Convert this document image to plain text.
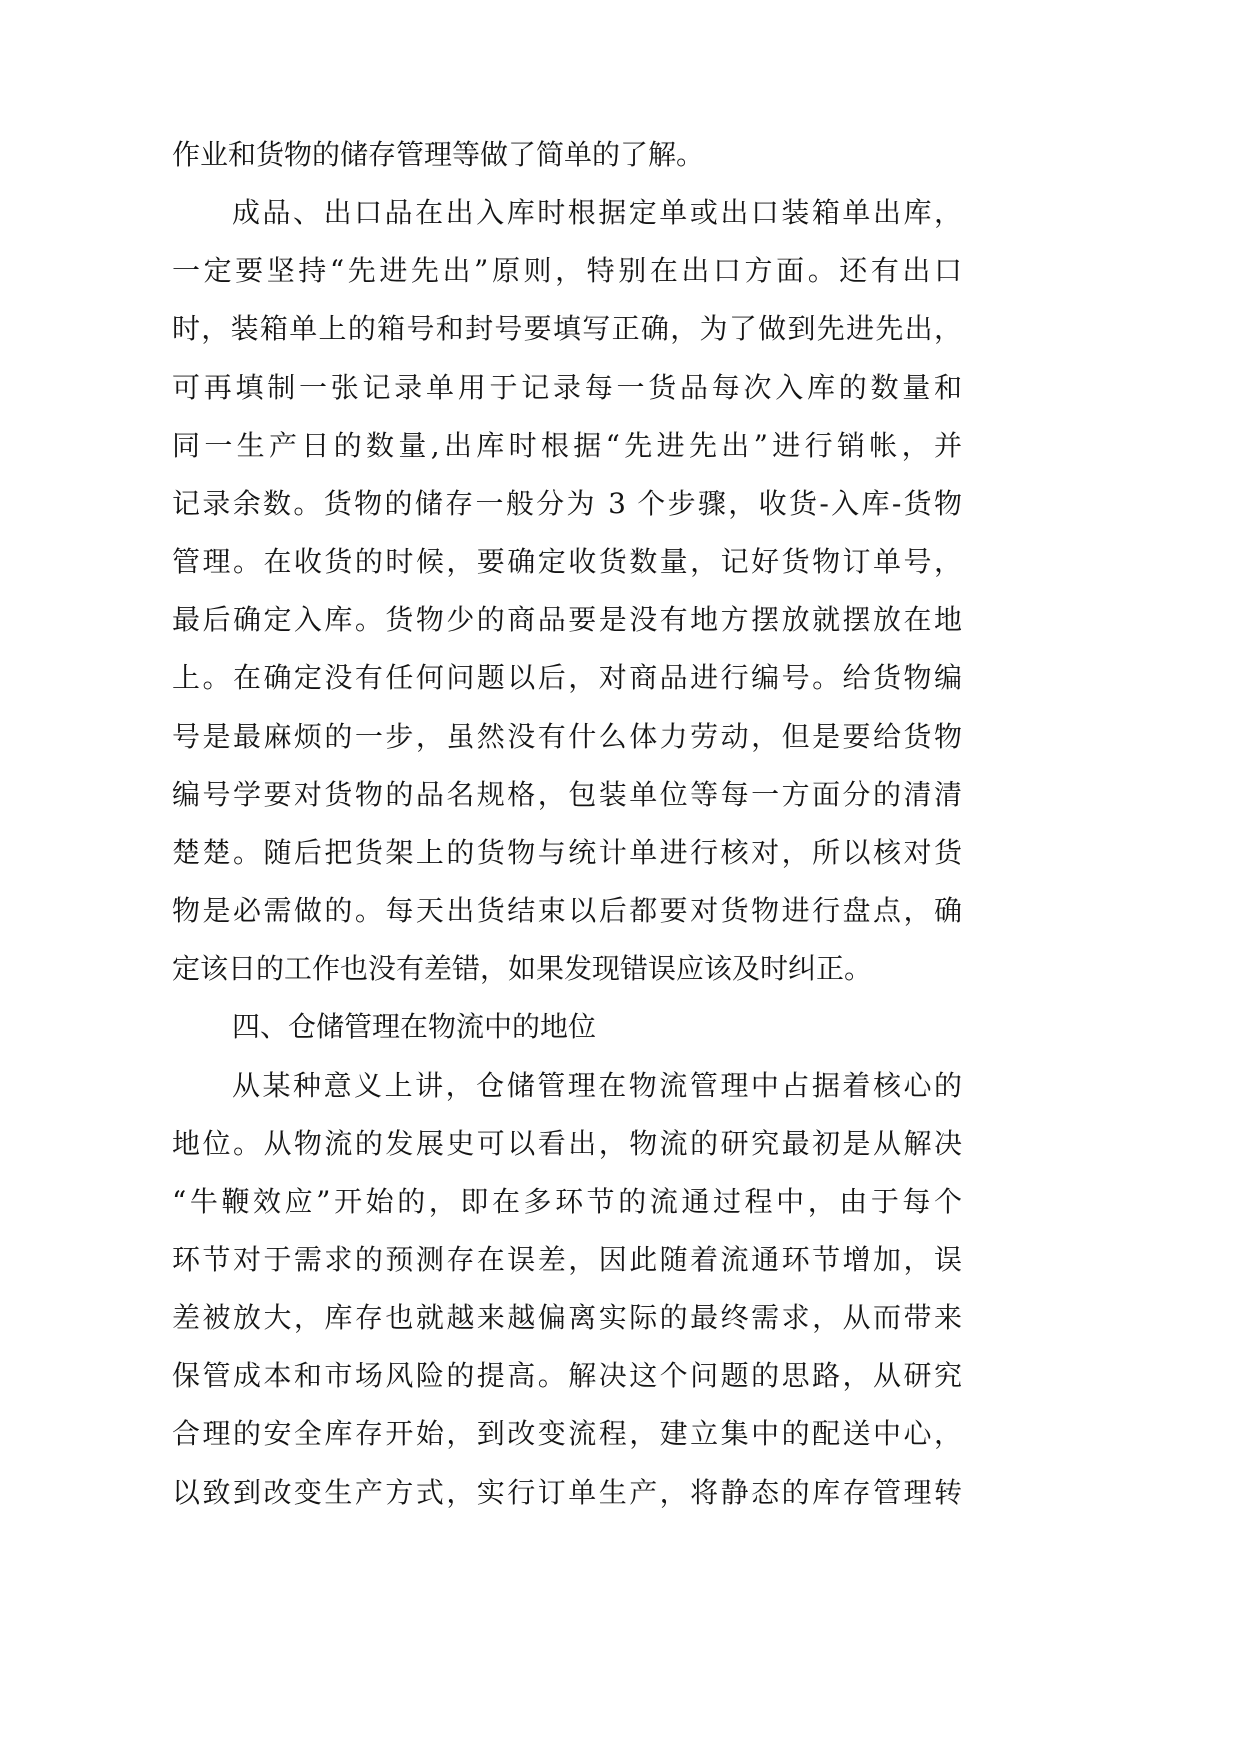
作业和货物的储存管理等做了简单的了解。
成品、出口品在出入库时根据定单或出口装箱单出库，
一定要坚持“先进先出”原则，特别在出口方面。还有出口
时，装箱单上的箱号和封号要填写正确，为了做到先进先出，
可再填制一张记录单用于记录每一货品每次入库的数量和
同一生产日的数量,出库时根据“先进先出”进行销帐，并
记录余数。货物的储存一般分为 3 个步骤，收货-入库-货物
管理。在收货的时候，要确定收货数量，记好货物订单号，
最后确定入库。货物少的商品要是没有地方摆放就摆放在地
上。在确定没有任何问题以后，对商品进行编号。给货物编
号是最麻烦的一步，虽然没有什么体力劳动，但是要给货物
编号学要对货物的品名规格，包装单位等每一方面分的清清
楚楚。随后把货架上的货物与统计单进行核对，所以核对货
物是必需做的。每天出货结束以后都要对货物进行盘点，确
定该日的工作也没有差错，如果发现错误应该及时纠正。
四、仓储管理在物流中的地位
从某种意义上讲，仓储管理在物流管理中占据着核心的
地位。从物流的发展史可以看出，物流的研究最初是从解决
“牛鞭效应”开始的，即在多环节的流通过程中，由于每个
环节对于需求的预测存在误差，因此随着流通环节增加，误
差被放大，库存也就越来越偏离实际的最终需求，从而带来
保管成本和市场风险的提高。解决这个问题的思路，从研究
合理的安全库存开始，到改变流程，建立集中的配送中心，
以致到改变生产方式，实行订单生产，将静态的库存管理转
